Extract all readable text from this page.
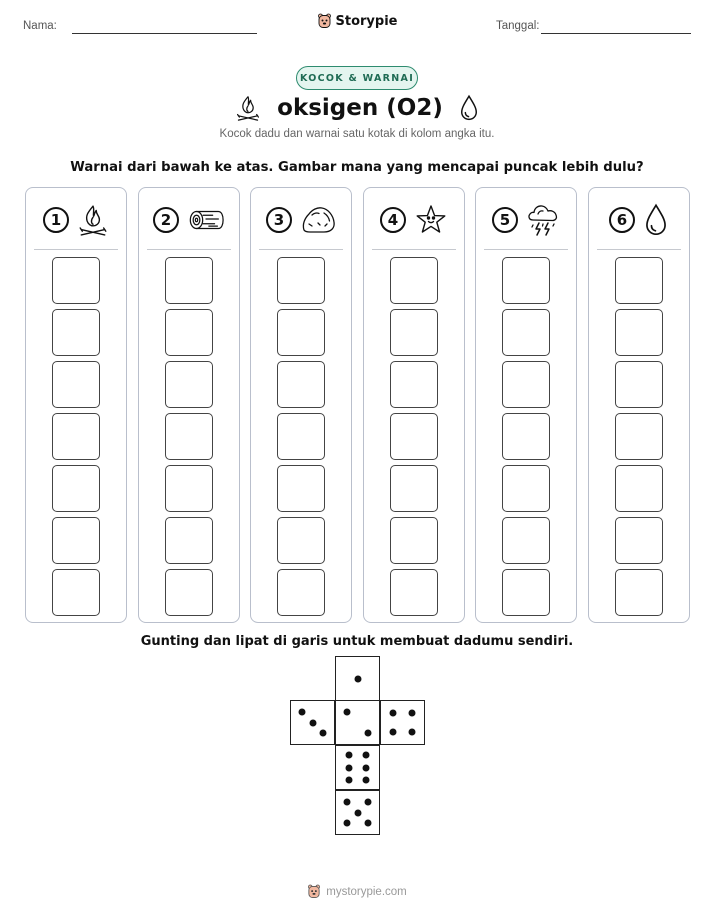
Nama:	Storypie	Tanggal:
KOCOK & WARNAI
oksigen (O2)
Kocok dadu dan warnai satu kotak di kolom angka itu.
Warnai dari bawah ke atas. Gambar mana yang mencapai puncak lebih dulu?
1	2	3	4	5	6
Gunting dan lipat di garis untuk membuat dadumu sendiri.
mystorypie.com
